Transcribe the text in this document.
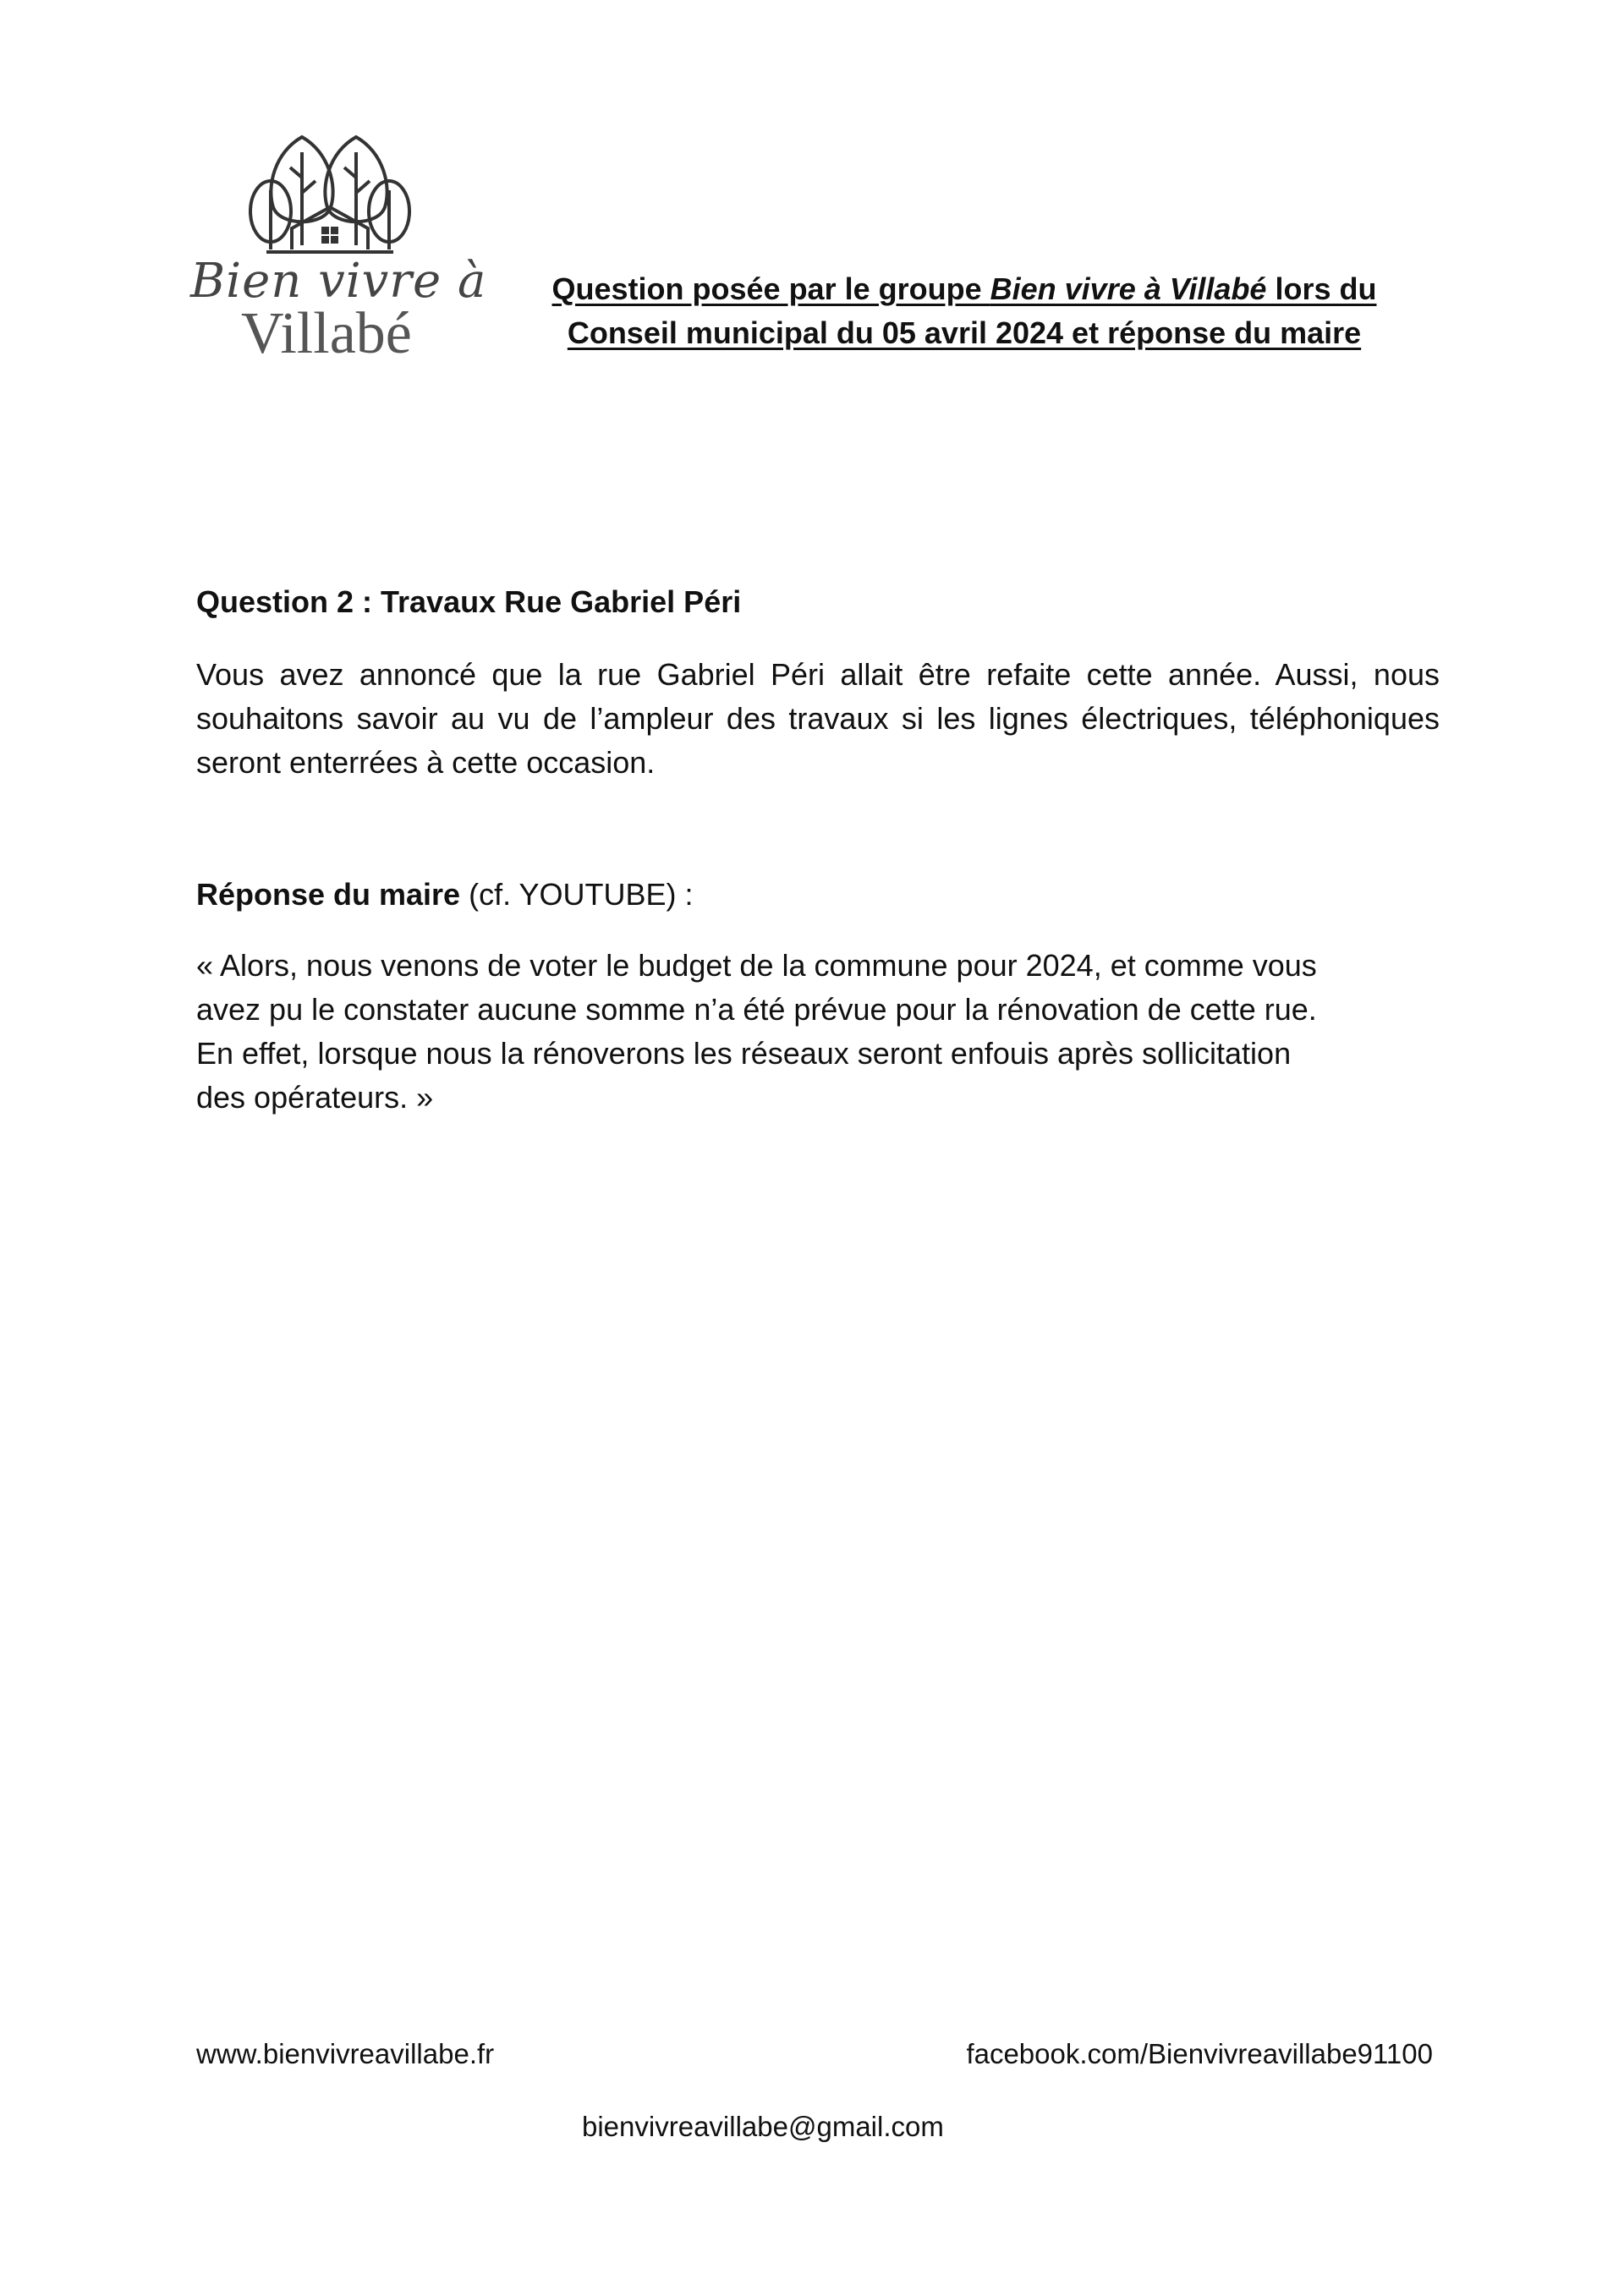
Bien vivre à
Villabé

Question posée par le groupe Bien vivre à Villabé lors du

Conseil municipal du 05 avril 2024 et réponse du maire

Question 2 : Travaux Rue Gabriel Péri

Vous avez annoncé que la rue Gabriel Péri allait être refaite cette année. Aussi, nous souhaitons savoir au vu de l’ampleur des travaux si les lignes électriques, téléphoniques seront enterrées à cette occasion.

Réponse du maire (cf. YOUTUBE) :

« Alors, nous venons de voter le budget de la commune pour 2024, et comme vous

avez pu le constater aucune somme n’a été prévue pour la rénovation de cette rue.

En effet, lorsque nous la rénoverons les réseaux seront enfouis après sollicitation

des opérateurs. »

www.bienvivreavillabe.fr	facebook.com/Bienvivreavillabe91100
bienvivreavillabe@gmail.com
